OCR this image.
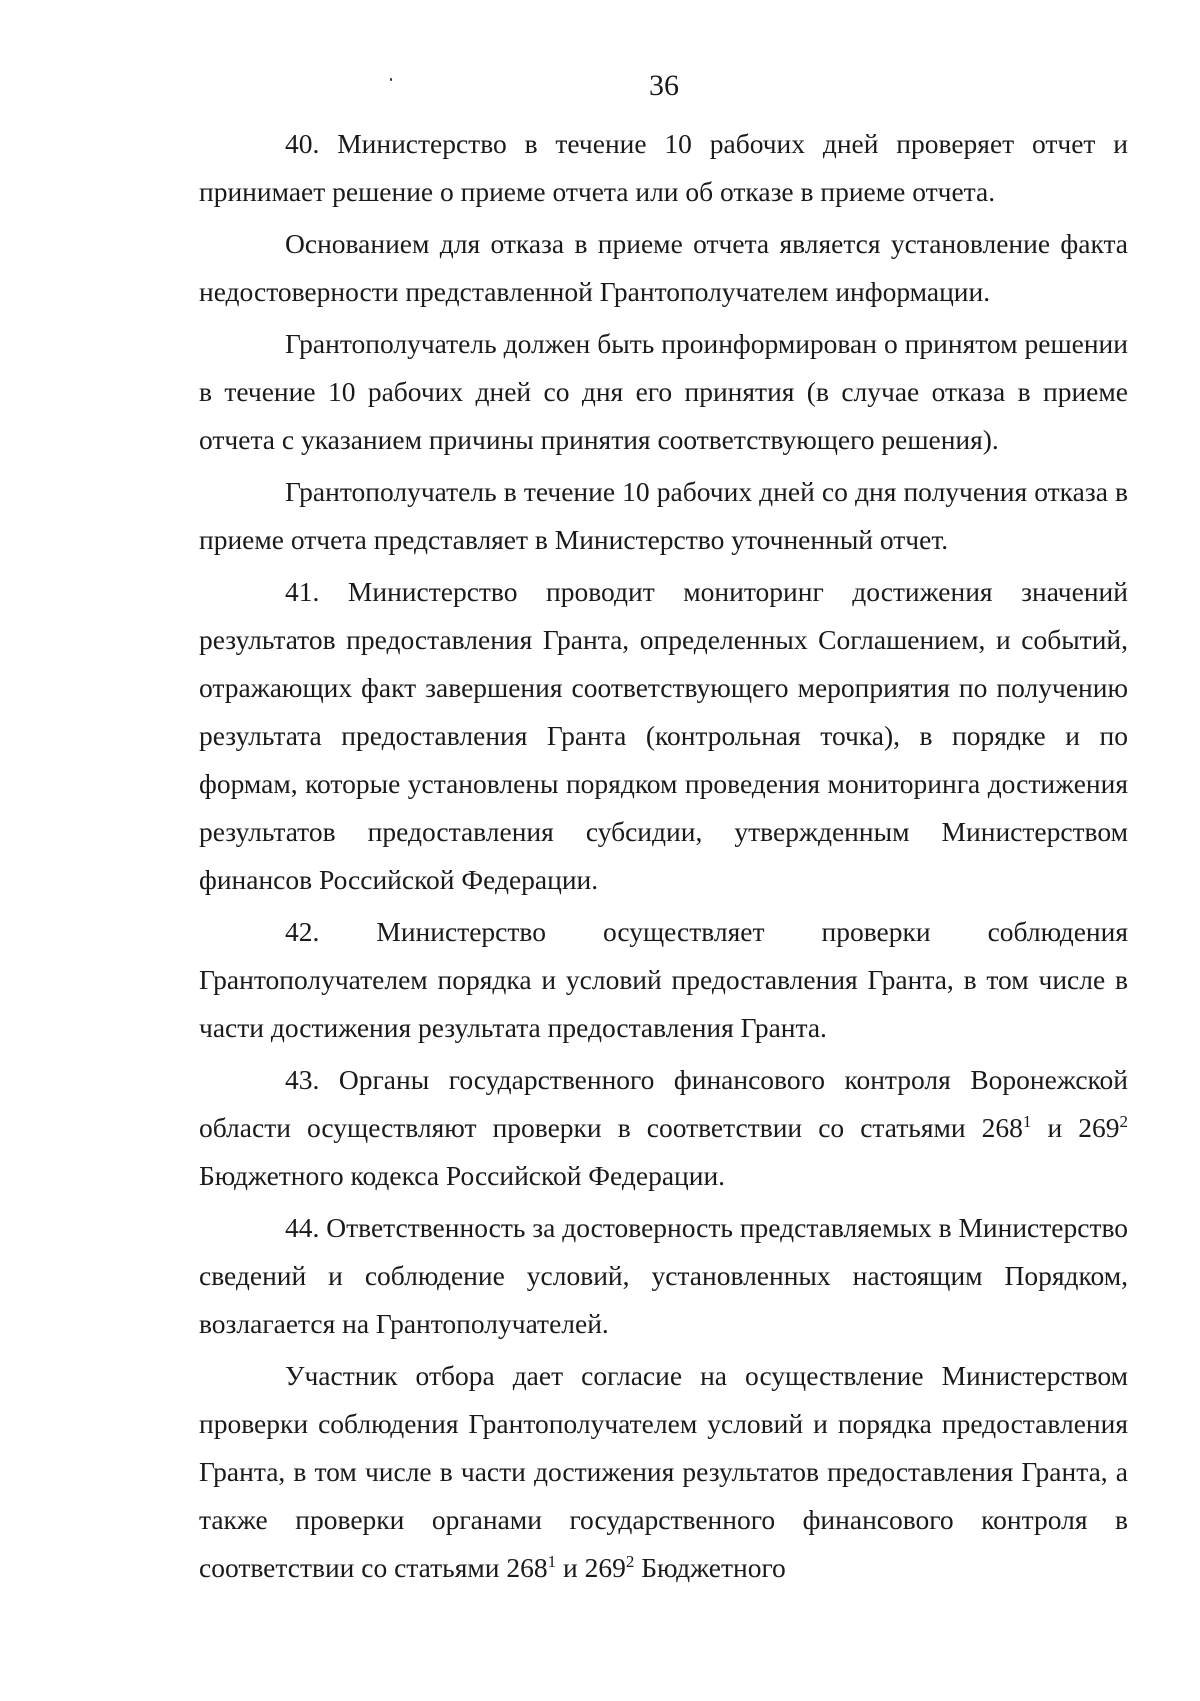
36

40. Министерство в течение 10 рабочих дней проверяет отчет и принимает решение о приеме отчета или об отказе в приеме отчета.

Основанием для отказа в приеме отчета является установление факта недостоверности представленной Грантополучателем информации.

Грантополучатель должен быть проинформирован о принятом решении в течение 10 рабочих дней со дня его принятия (в случае отказа в приеме отчета с указанием причины принятия соответствующего решения).

Грантополучатель в течение 10 рабочих дней со дня получения отказа в приеме отчета представляет в Министерство уточненный отчет.

41. Министерство проводит мониторинг достижения значений результатов предоставления Гранта, определенных Соглашением, и событий, отражающих факт завершения соответствующего мероприятия по получению результата предоставления Гранта (контрольная точка), в порядке и по формам, которые установлены порядком проведения мониторинга достижения результатов предоставления субсидии, утвержденным Министерством финансов Российской Федерации.

42. Министерство осуществляет проверки соблюдения Грантополучателем порядка и условий предоставления Гранта, в том числе в части достижения результата предоставления Гранта.

43. Органы государственного финансового контроля Воронежской области осуществляют проверки в соответствии со статьями $268^1$ и $269^2$ Бюджетного кодекса Российской Федерации.

44. Ответственность за достоверность представляемых в Министерство сведений и соблюдение условий, установленных настоящим Порядком, возлагается на Грантополучателей.

Участник отбора дает согласие на осуществление Министерством проверки соблюдения Грантополучателем условий и порядка предоставления Гранта, в том числе в части достижения результатов предоставления Гранта, а также проверки органами государственного финансового контроля в соответствии со статьями $268^1$ и $269^2$ Бюджетного
